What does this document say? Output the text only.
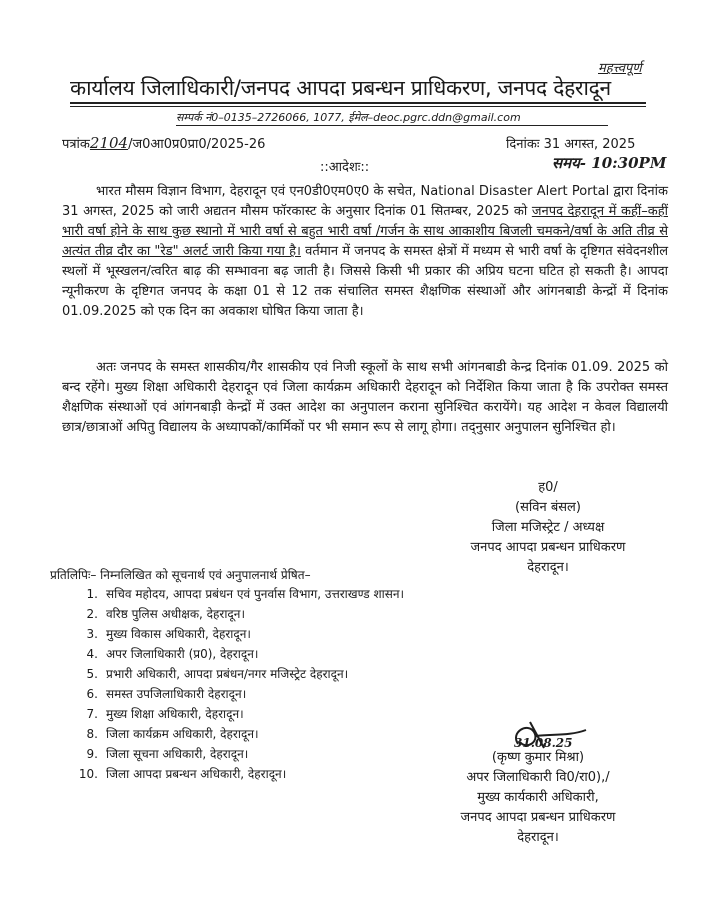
महत्त्वपूर्ण
कार्यालय जिलाधिकारी/जनपद आपदा प्रबन्धन प्राधिकरण, जनपद देहरादून
सम्पर्क नं0–0135–2726066, 1077, ईमेल–deoc.pgrc.ddn@gmail.com
पत्रांक2104/ज0आ0प्र0प्रा0/2025-26	दिनांकः 31 अगस्त, 2025
समय- 10:30PM
::आदेशः::
भारत मौसम विज्ञान विभाग, देहरादून एवं एन0डी0एम0ए0 के सचेत, National Disaster Alert Portal द्वारा दिनांक 31 अगस्त, 2025 को जारी अद्यतन मौसम फॉरकास्ट के अनुसार दिनांक 01 सितम्बर, 2025 को जनपद देहरादून में कहीं–कहीं भारी वर्षा होने के साथ कुछ स्थानो में भारी वर्षा से बहुत भारी वर्षा /गर्जन के साथ आकाशीय बिजली चमकने/वर्षा के अति तीव्र से अत्यंत तीव्र दौर का "रेड" अलर्ट जारी किया गया है। वर्तमान में जनपद के समस्त क्षेत्रों में मध्यम से भारी वर्षा के दृष्टिगत संवेदनशील स्थलों में भूस्खलन/त्वरित बाढ़ की सम्भावना बढ़ जाती है। जिससे किसी भी प्रकार की अप्रिय घटना घटित हो सकती है। आपदा न्यूनीकरण के दृष्टिगत जनपद के कक्षा 01 से 12 तक संचालित समस्त शैक्षणिक संस्थाओं और आंगनबाडी केन्द्रों में दिनांक 01.09.2025 को एक दिन का अवकाश घोषित किया जाता है।
अतः जनपद के समस्त शासकीय/गैर शासकीय एवं निजी स्कूलों के साथ सभी आंगनबाडी केन्द्र दिनांक 01.09. 2025 को बन्द रहेंगे। मुख्य शिक्षा अधिकारी देहरादून एवं जिला कार्यक्रम अधिकारी देहरादून को निर्देशित किया जाता है कि उपरोक्त समस्त शैक्षणिक संस्थाओं एवं आंगनबाड़ी केन्द्रों में उक्त आदेश का अनुपालन कराना सुनिश्चित करायेंगे। यह आदेश न केवल विद्यालयी छात्र/छात्राओं अपितु विद्यालय के अध्यापकों/कार्मिकों पर भी समान रूप से लागू होगा। तद्नुसार अनुपालन सुनिश्चित हो।
ह0/
(सविन बंसल)
जिला मजिस्ट्रेट / अध्यक्ष
जनपद आपदा प्रबन्धन प्राधिकरण
देहरादून।
प्रतिलिपिः– निम्नलिखित को सूचनार्थ एवं अनुपालनार्थ प्रेषित–
1. सचिव महोदय, आपदा प्रबंधन एवं पुनर्वास विभाग, उत्तराखण्ड शासन।
2. वरिष्ठ पुलिस अधीक्षक, देहरादून।
3. मुख्य विकास अधिकारी, देहरादून।
4. अपर जिलाधिकारी (प्र0), देहरादून।
5. प्रभारी अधिकारी, आपदा प्रबंधन/नगर मजिस्ट्रेट देहरादून।
6. समस्त उपजिलाधिकारी देहरादून।
7. मुख्य शिक्षा अधिकारी, देहरादून।
8. जिला कार्यक्रम अधिकारी, देहरादून।
9. जिला सूचना अधिकारी, देहरादून।
10. जिला आपदा प्रबन्धन अधिकारी, देहरादून।
31.08.25
(कृष्ण कुमार मिश्रा)
अपर जिलाधिकारी वि0/रा0),/
मुख्य कार्यकारी अधिकारी,
जनपद आपदा प्रबन्धन प्राधिकरण
देहरादून।
